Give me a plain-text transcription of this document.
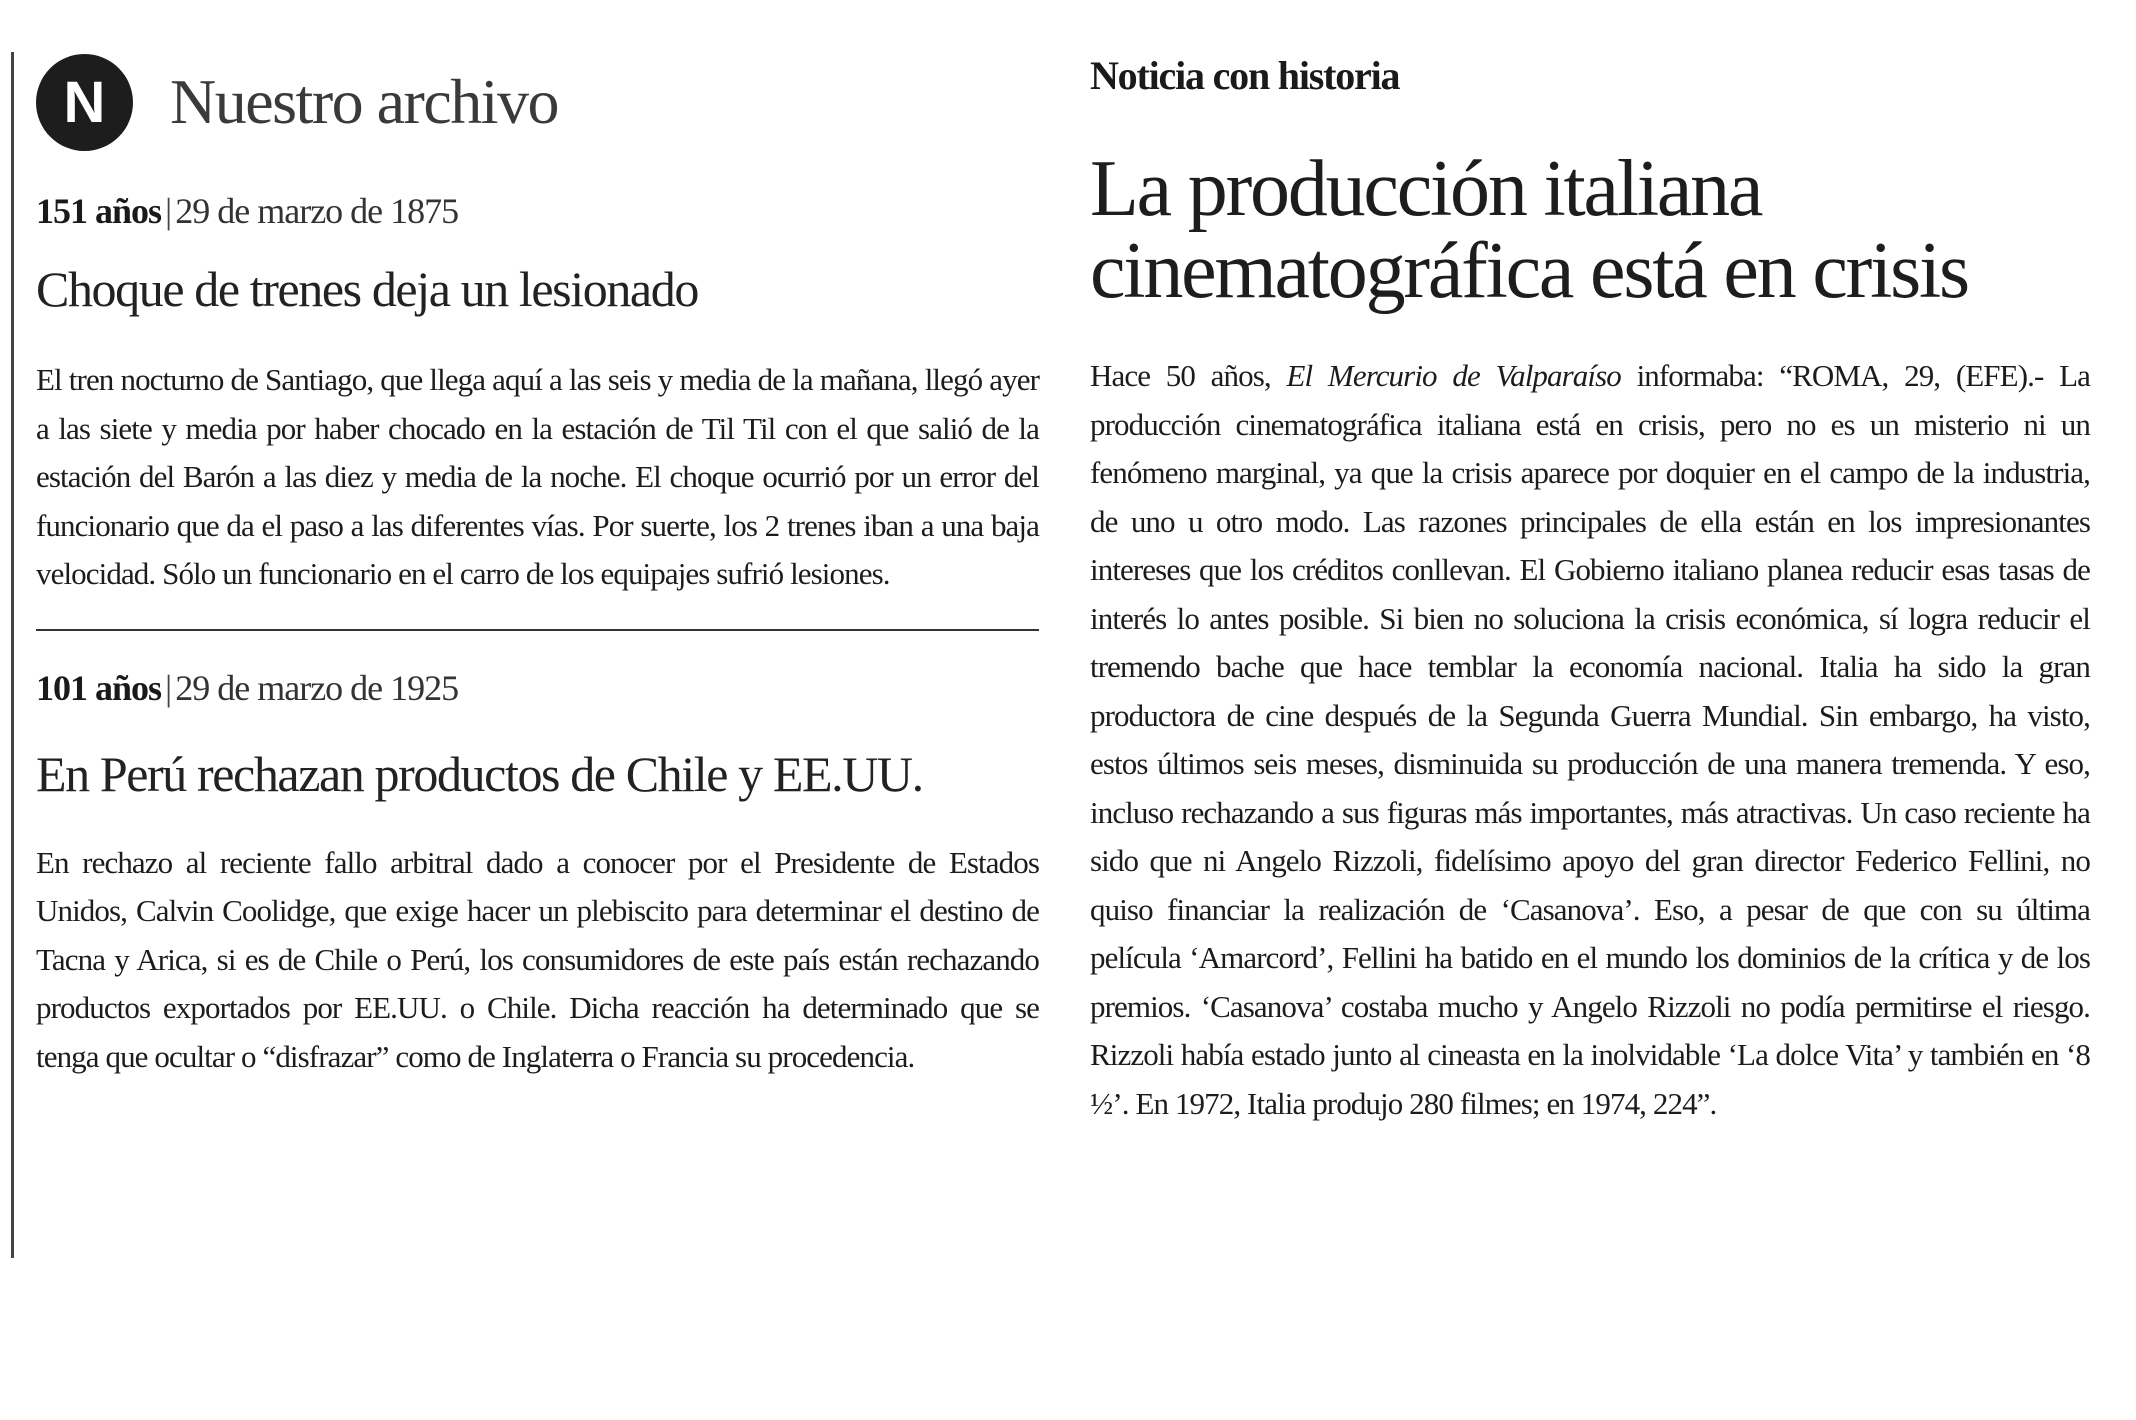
N	Nuestro archivo

151 años | 29 de marzo de 1875

Choque de trenes deja un lesionado

El tren nocturno de Santiago, que llega aquí a las seis y media de la mañana, llegó ayer a las siete y media por haber chocado en la estación de Til Til con el que salió de la estación del Barón a las diez y media de la noche. El choque ocurrió por un error del funcionario que da el paso a las diferentes vías. Por suerte, los 2 trenes iban a una baja velocidad. Sólo un funcionario en el carro de los equipajes sufrió lesiones.

101 años | 29 de marzo de 1925

En Perú rechazan productos de Chile y EE.UU.

En rechazo al reciente fallo arbitral dado a conocer por el Presidente de Estados Unidos, Calvin Coolidge, que exige hacer un plebiscito para determinar el destino de Tacna y Arica, si es de Chile o Perú, los consumidores de este país están rechazando productos exportados por EE.UU. o Chile. Dicha reacción ha determinado que se tenga que ocultar o “disfrazar” como de Inglaterra o Francia su procedencia.

Noticia con historia

La producción italiana
cinematográfica está en crisis

Hace 50 años, El Mercurio de Valparaíso informaba: “ROMA, 29, (EFE).- La producción cinematográfica italiana está en crisis, pero no es un misterio ni un fenómeno marginal, ya que la crisis aparece por doquier en el campo de la industria, de uno u otro modo. Las razones principales de ella están en los impresionantes intereses que los créditos conllevan. El Gobierno italiano planea reducir esas tasas de interés lo antes posible. Si bien no soluciona la crisis económica, sí logra reducir el tremendo bache que hace temblar la economía nacional. Italia ha sido la gran productora de cine después de la Segunda Guerra Mundial. Sin embargo, ha visto, estos últimos seis meses, disminuida su producción de una manera tremenda. Y eso, incluso rechazando a sus figuras más importantes, más atractivas. Un caso reciente ha sido que ni Angelo Rizzoli, fidelísimo apoyo del gran director Federico Fellini, no quiso financiar la realización de ‘Casanova’. Eso, a pesar de que con su última película ‘Amarcord’, Fellini ha batido en el mundo los dominios de la crítica y de los premios. ‘Casanova’ costaba mucho y Angelo Rizzoli no podía permitirse el riesgo. Rizzoli había estado junto al cineasta en la inolvidable ‘La dolce Vita’ y también en ‘8 ½’. En 1972, Italia produjo 280 filmes; en 1974, 224”.
